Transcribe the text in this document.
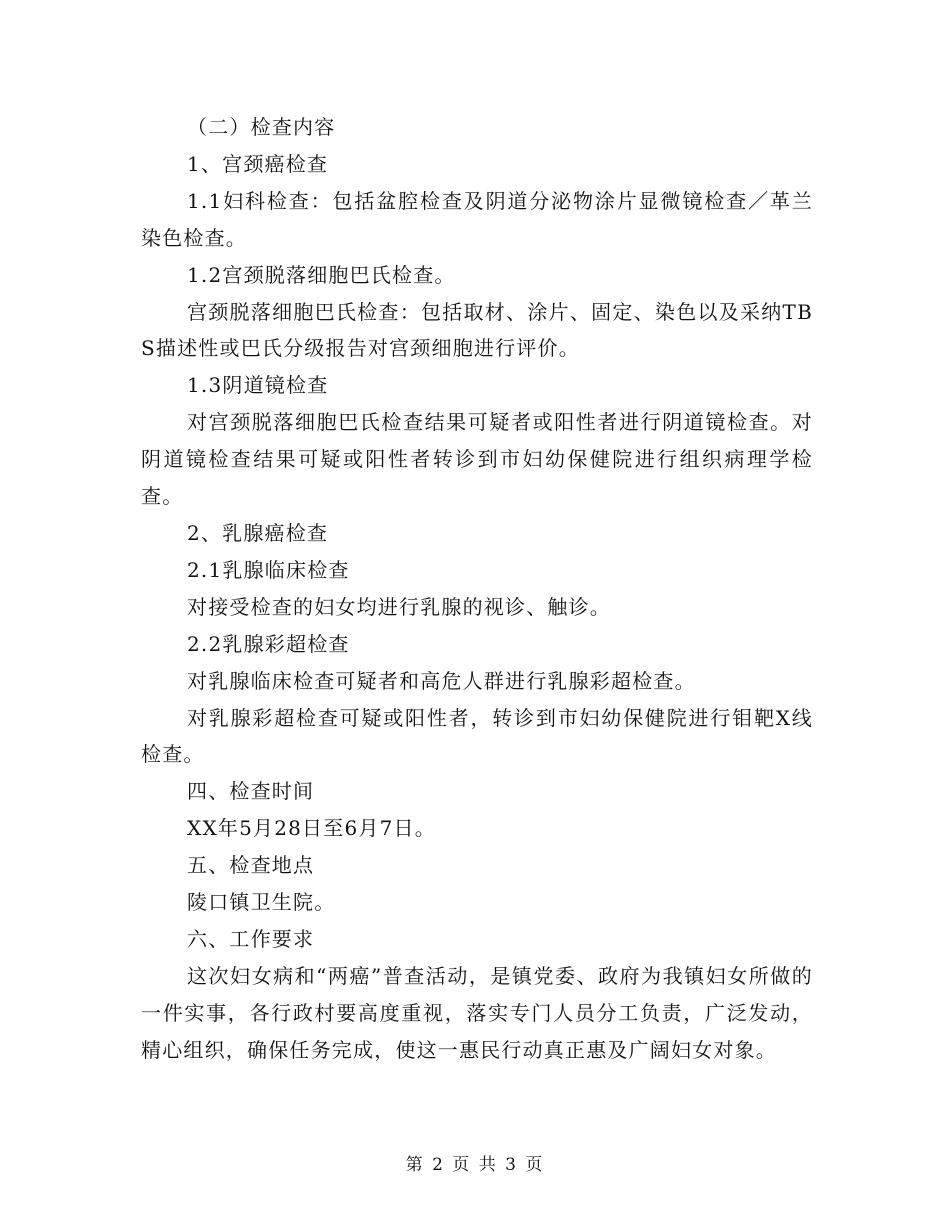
（二）检查内容

1、宫颈癌检查

1.1妇科检查：包括盆腔检查及阴道分泌物涂片显微镜检查／革兰染色检查。

1.2宫颈脱落细胞巴氏检查。

宫颈脱落细胞巴氏检查：包括取材、涂片、固定、染色以及采纳TBS描述性或巴氏分级报告对宫颈细胞进行评价。

1.3阴道镜检查

对宫颈脱落细胞巴氏检查结果可疑者或阳性者进行阴道镜检查。对阴道镜检查结果可疑或阳性者转诊到市妇幼保健院进行组织病理学检查。

2、乳腺癌检查

2.1乳腺临床检查

对接受检查的妇女均进行乳腺的视诊、触诊。

2.2乳腺彩超检查

对乳腺临床检查可疑者和高危人群进行乳腺彩超检查。

对乳腺彩超检查可疑或阳性者，转诊到市妇幼保健院进行钼靶X线检查。

四、检查时间

XX年5月28日至6月7日。

五、检查地点

陵口镇卫生院。

六、工作要求

这次妇女病和“两癌”普查活动，是镇党委、政府为我镇妇女所做的一件实事，各行政村要高度重视，落实专门人员分工负责，广泛发动，精心组织，确保任务完成，使这一惠民行动真正惠及广阔妇女对象。

第 2 页 共 3 页
